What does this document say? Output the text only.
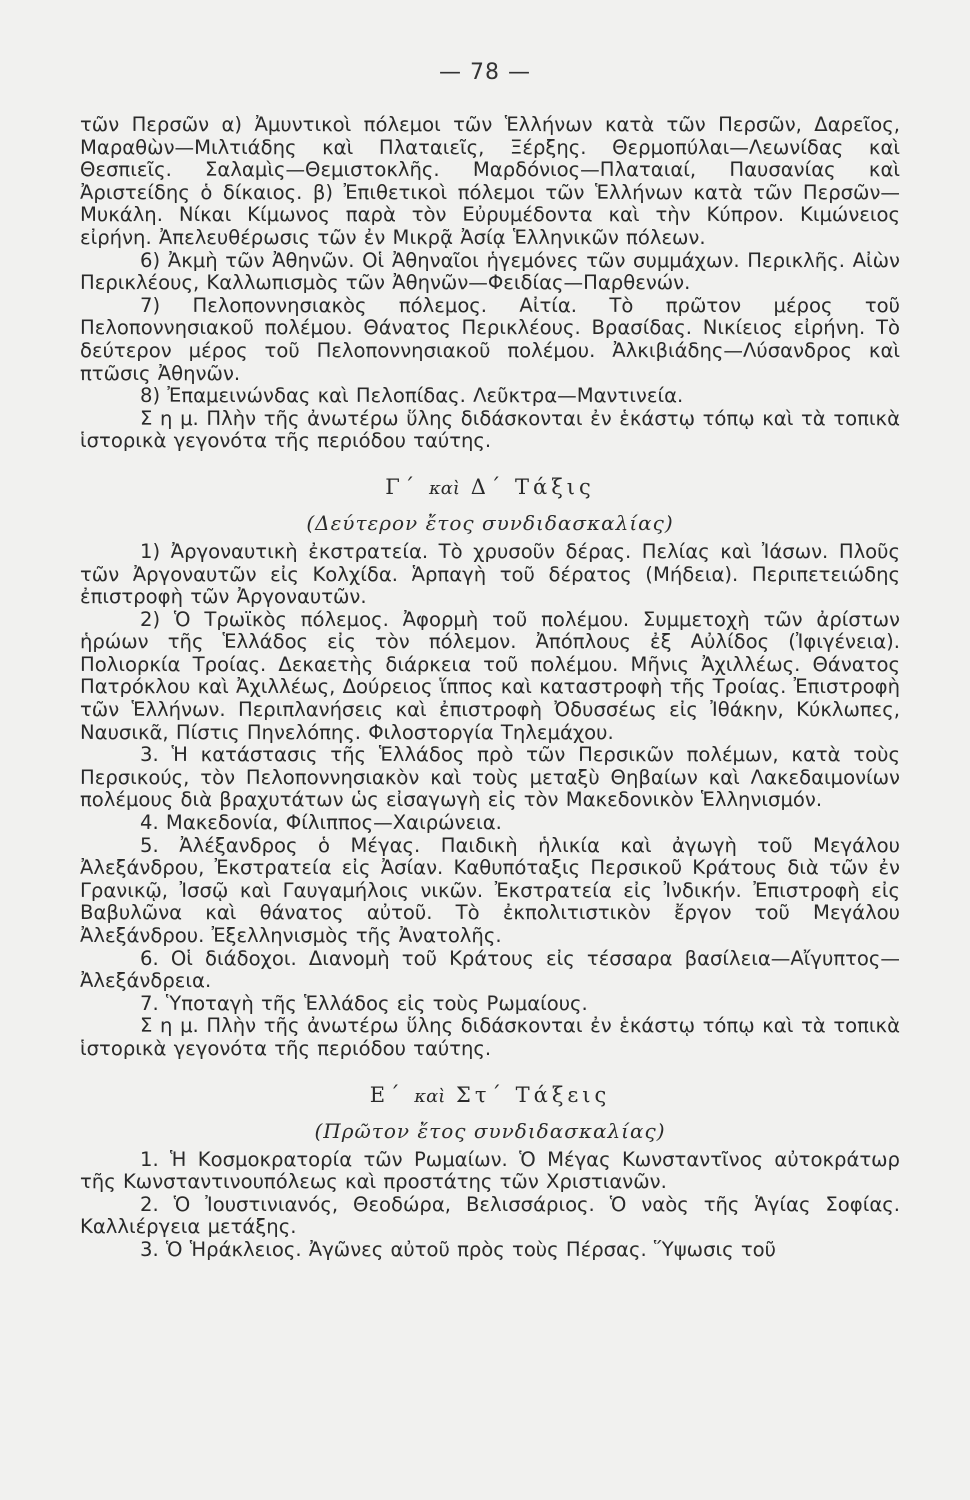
— 78 —

τῶν Περσῶν α) Ἀμυντικοὶ πόλεμοι τῶν Ἑλλήνων κατὰ τῶν Περσῶν, Δαρεῖος, Μαραθὼν—Μιλτιάδης καὶ Πλαταιεῖς, Ξέρξης. Θερμοπύλαι—Λεωνίδας καὶ Θεσπιεῖς. Σαλαμὶς—Θεμιστοκλῆς. Μαρδόνιος—Πλαταιαί, Παυσανίας καὶ Ἀριστείδης ὁ δίκαιος. β) Ἐπιθετικοὶ πόλεμοι τῶν Ἑλλήνων κατὰ τῶν Περσῶν—Μυκάλη. Νίκαι Κίμωνος παρὰ τὸν Εὐρυμέδοντα καὶ τὴν Κύπρον. Κιμώνειος εἰρήνη. Ἀπελευθέρωσις τῶν ἐν Μικρᾷ Ἀσίᾳ Ἑλληνικῶν πόλεων.

6) Ἀκμὴ τῶν Ἀθηνῶν. Οἱ Ἀθηναῖοι ἡγεμόνες τῶν συμμάχων. Περικλῆς. Αἰὼν Περικλέους, Καλλωπισμὸς τῶν Ἀθηνῶν—Φειδίας—Παρθενών.

7) Πελοποννησιακὸς πόλεμος. Αἰτία. Τὸ πρῶτον μέρος τοῦ Πελοποννησιακοῦ πολέμου. Θάνατος Περικλέους. Βρασίδας. Νικίειος εἰρήνη. Τὸ δεύτερον μέρος τοῦ Πελοποννησιακοῦ πολέμου. Ἀλκιβιάδης—Λύσανδρος καὶ πτῶσις Ἀθηνῶν.

8) Ἐπαμεινώνδας καὶ Πελοπίδας. Λεῦκτρα—Μαντινεία.

Σ η μ. Πλὴν τῆς ἀνωτέρω ὕλης διδάσκονται ἐν ἑκάστῳ τόπῳ καὶ τὰ τοπικὰ ἱστορικὰ γεγονότα τῆς περιόδου ταύτης.

Γ΄ καὶ Δ΄ Τάξις
(Δεύτερον ἔτος συνδιδασκαλίας)

1) Ἀργοναυτικὴ ἐκστρατεία. Τὸ χρυσοῦν δέρας. Πελίας καὶ Ἰάσων. Πλοῦς τῶν Ἀργοναυτῶν εἰς Κολχίδα. Ἁρπαγὴ τοῦ δέρατος (Μήδεια). Περιπετειώδης ἐπιστροφὴ τῶν Ἀργοναυτῶν.

2) Ὁ Τρωϊκὸς πόλεμος. Ἀφορμὴ τοῦ πολέμου. Συμμετοχὴ τῶν ἀρίστων ἡρώων τῆς Ἑλλάδος εἰς τὸν πόλεμον. Ἀπόπλους ἐξ Αὐλίδος (Ἰφιγένεια). Πολιορκία Τροίας. Δεκαετὴς διάρκεια τοῦ πολέμου. Μῆνις Ἀχιλλέως. Θάνατος Πατρόκλου καὶ Ἀχιλλέως, Δούρειος ἵππος καὶ καταστροφὴ τῆς Τροίας. Ἐπιστροφὴ τῶν Ἑλλήνων. Περιπλανήσεις καὶ ἐπιστροφὴ Ὀδυσσέως εἰς Ἰθάκην, Κύκλωπες, Ναυσικᾶ, Πίστις Πηνελόπης. Φιλοστοργία Τηλεμάχου.

3. Ἡ κατάστασις τῆς Ἑλλάδος πρὸ τῶν Περσικῶν πολέμων, κατὰ τοὺς Περσικούς, τὸν Πελοποννησιακὸν καὶ τοὺς μεταξὺ Θηβαίων καὶ Λακεδαιμονίων πολέμους διὰ βραχυτάτων ὡς εἰσαγωγὴ εἰς τὸν Μακεδονικὸν Ἑλληνισμόν.

4. Μακεδονία, Φίλιππος—Χαιρώνεια.

5. Ἀλέξανδρος ὁ Μέγας. Παιδικὴ ἡλικία καὶ ἀγωγὴ τοῦ Μεγάλου Ἀλεξάνδρου, Ἐκστρατεία εἰς Ἀσίαν. Καθυπόταξις Περσικοῦ Κράτους διὰ τῶν ἐν Γρανικῷ, Ἰσσῷ καὶ Γαυγαμήλοις νικῶν. Ἐκστρατεία εἰς Ἰνδικήν. Ἐπιστροφὴ εἰς Βαβυλῶνα καὶ θάνατος αὐτοῦ. Τὸ ἐκπολιτιστικὸν ἔργον τοῦ Μεγάλου Ἀλεξάνδρου. Ἐξελληνισμὸς τῆς Ἀνατολῆς.

6. Οἱ διάδοχοι. Διανομὴ τοῦ Κράτους εἰς τέσσαρα βασίλεια—Αἴγυπτος—Ἀλεξάνδρεια.

7. Ὑποταγὴ τῆς Ἑλλάδος εἰς τοὺς Ρωμαίους.

Σ η μ. Πλὴν τῆς ἀνωτέρω ὕλης διδάσκονται ἐν ἑκάστῳ τόπῳ καὶ τὰ τοπικὰ ἱστορικὰ γεγονότα τῆς περιόδου ταύτης.

Ε΄ καὶ Στ΄ Τάξεις
(Πρῶτον ἔτος συνδιδασκαλίας)

1. Ἡ Κοσμοκρατορία τῶν Ρωμαίων. Ὁ Μέγας Κωνσταντῖνος αὐτοκράτωρ τῆς Κωνσταντινουπόλεως καὶ προστάτης τῶν Χριστιανῶν.

2. Ὁ Ἰουστινιανός, Θεοδώρα, Βελισσάριος. Ὁ ναὸς τῆς Ἁγίας Σοφίας. Καλλιέργεια μετάξης.

3. Ὁ Ἡράκλειος. Ἀγῶνες αὐτοῦ πρὸς τοὺς Πέρσας. Ὕψωσις τοῦ
